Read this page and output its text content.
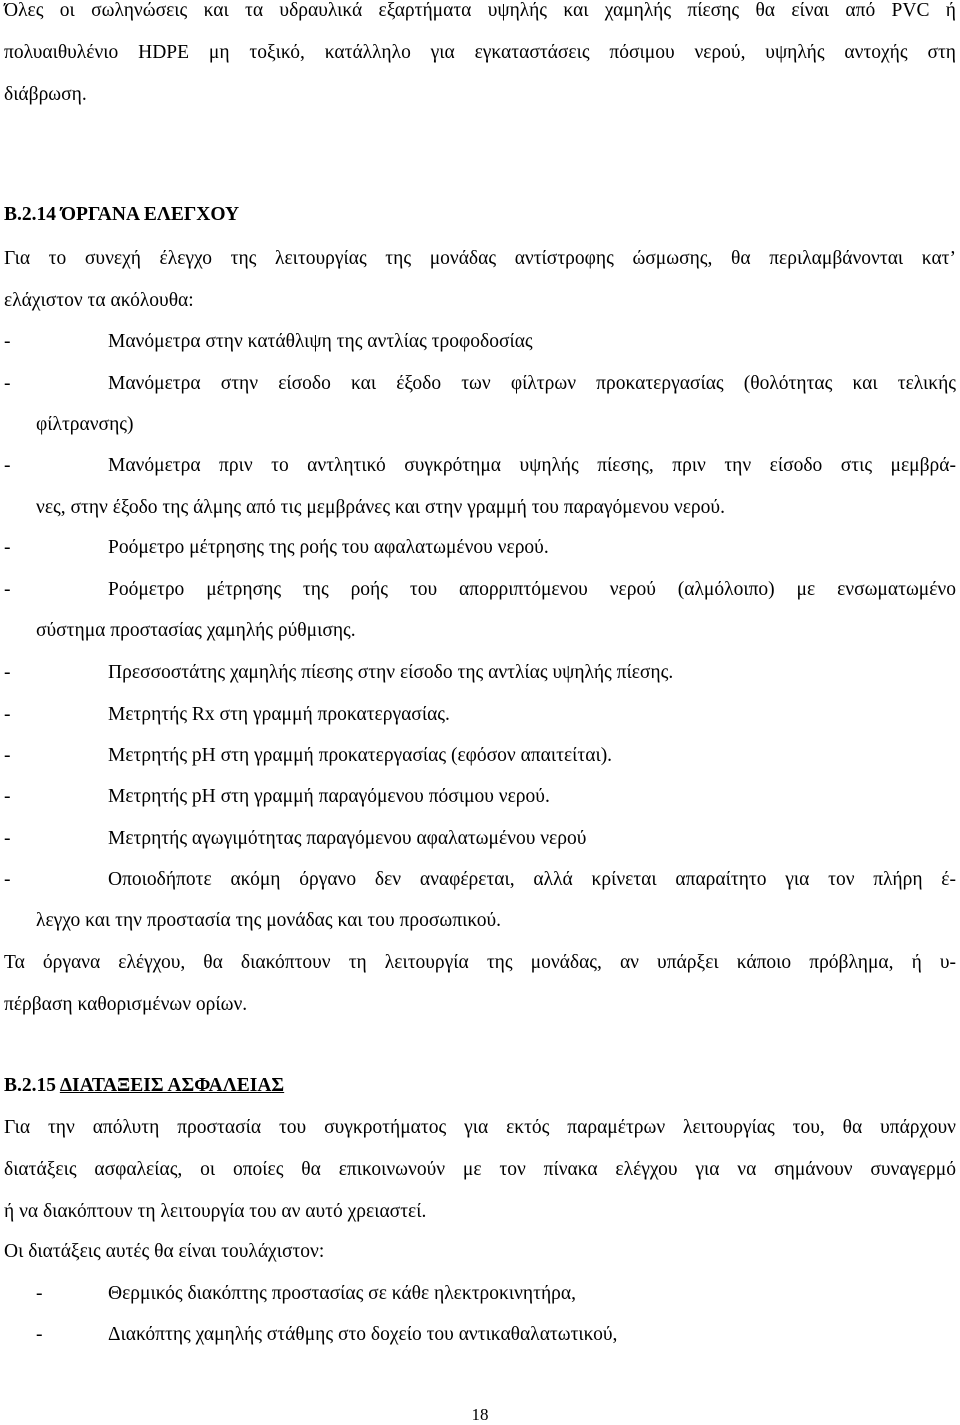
Όλες οι σωληνώσεις και τα υδραυλικά εξαρτήματα υψηλής και χαμηλής πίεσης θα είναι από PVC ή
πολυαιθυλένιο HDPE μη τοξικό, κατάλληλο για εγκαταστάσεις πόσιμου νερού, υψηλής αντοχής στη
διάβρωση.
Β.2.14 ΌΡΓΑΝΑ ΕΛΕΓΧΟΥ
Για το συνεχή έλεγχο της λειτουργίας της μονάδας αντίστροφης ώσμωσης, θα περιλαμβάνονται κατ’
ελάχιστον τα ακόλουθα:
-	Μανόμετρα στην κατάθλιψη της αντλίας τροφοδοσίας
-	Μανόμετρα στην είσοδο και έξοδο των φίλτρων προκατεργασίας (θολότητας και τελικής
φίλτρανσης)
-	Μανόμετρα πριν το αντλητικό συγκρότημα υψηλής πίεσης, πριν την είσοδο στις μεμβρά-
νες, στην έξοδο της άλμης από τις μεμβράνες και στην γραμμή του παραγόμενου νερού.
-	Ροόμετρο μέτρησης της ροής του αφαλατωμένου νερού.
-	Ροόμετρο μέτρησης της ροής του απορριπτόμενου νερού (αλμόλοιπο) με ενσωματωμένο
σύστημα προστασίας χαμηλής ρύθμισης.
-	Πρεσσοστάτης χαμηλής πίεσης στην είσοδο της αντλίας υψηλής πίεσης.
-	Μετρητής Rx στη γραμμή προκατεργασίας.
-	Μετρητής pH στη γραμμή προκατεργασίας (εφόσον απαιτείται).
-	Μετρητής pH στη γραμμή παραγόμενου πόσιμου νερού.
-	Μετρητής αγωγιμότητας παραγόμενου αφαλατωμένου νερού
-	Οποιοδήποτε ακόμη όργανο δεν αναφέρεται, αλλά κρίνεται απαραίτητο για τον πλήρη έ-
λεγχο και την προστασία της μονάδας και του προσωπικού.
Τα όργανα ελέγχου, θα διακόπτουν τη λειτουργία της μονάδας, αν υπάρξει κάποιο πρόβλημα, ή υ-
πέρβαση καθορισμένων ορίων.
Β.2.15 ΔΙΑΤΑΞΕΙΣ ΑΣΦΑΛΕΙΑΣ
Για την απόλυτη προστασία του συγκροτήματος για εκτός παραμέτρων λειτουργίας του, θα υπάρχουν
διατάξεις ασφαλείας, οι οποίες θα επικοινωνούν με τον πίνακα ελέγχου για να σημάνουν συναγερμό
ή να διακόπτουν τη λειτουργία του αν αυτό χρειαστεί.
Οι διατάξεις αυτές θα είναι τουλάχιστον:
-	Θερμικός διακόπτης προστασίας σε κάθε ηλεκτροκινητήρα,
-	Διακόπτης χαμηλής στάθμης στο δοχείο του αντικαθαλατωτικού,
18
